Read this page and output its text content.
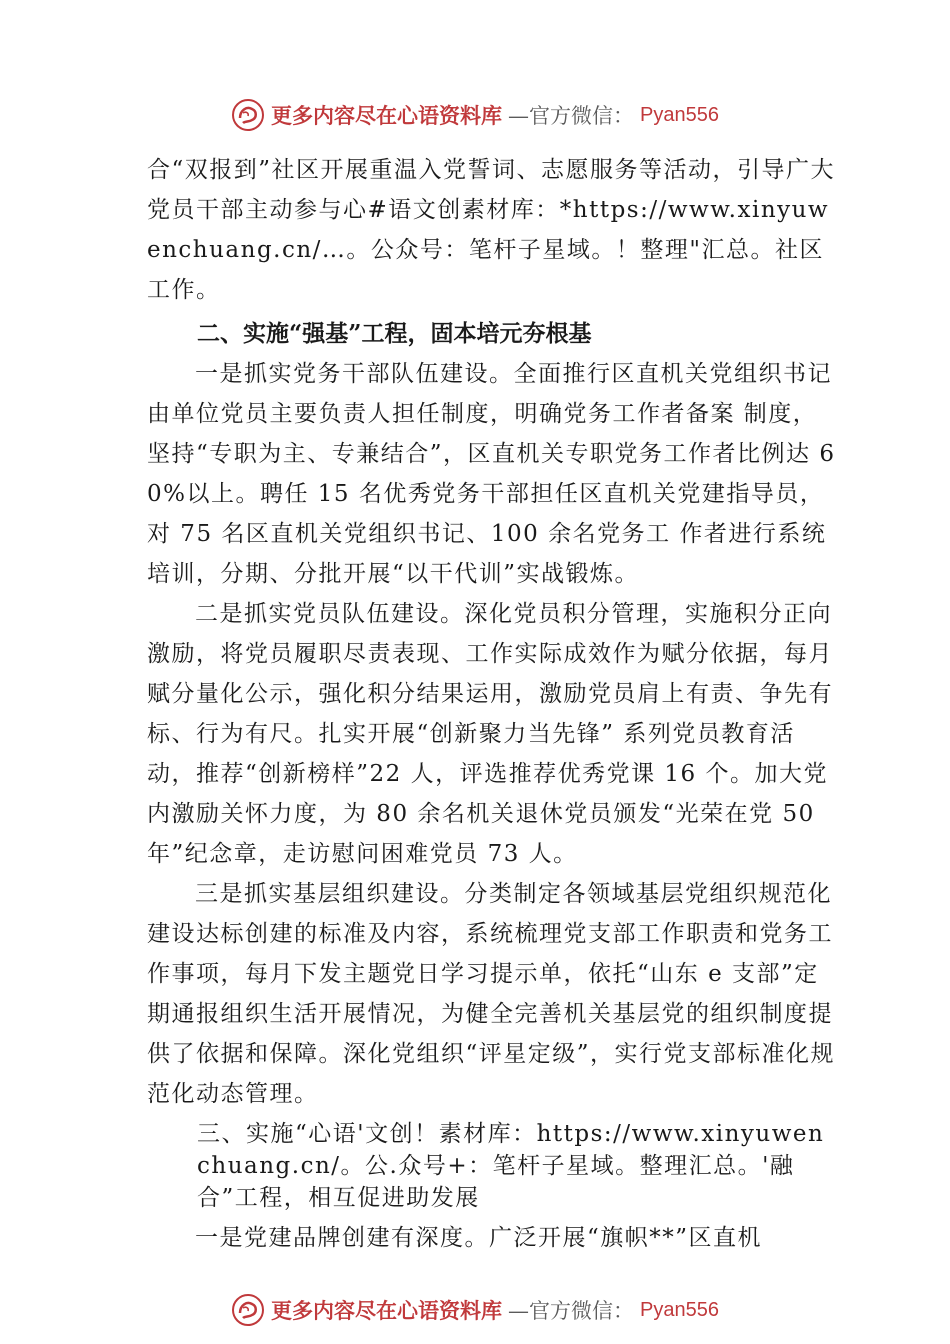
更多内容尽在心语资料库 —官方微信： Pyan556

合“双报到”社区开展重温入党誓词、志愿服务等活动，引导广大党员干部主动参与心#语文创素材库：*https://www.xinyuwenchuang.cn/…。公众号：笔杆子星域。！整理"汇总。社区工作。

二、实施“强基”工程，固本培元夯根基

一是抓实党务干部队伍建设。全面推行区直机关党组织书记由单位党员主要负责人担任制度，明确党务工作者备案 制度，坚持“专职为主、专兼结合”，区直机关专职党务工作者比例达 60%以上。聘任 15 名优秀党务干部担任区直机关党建指导员，对 75 名区直机关党组织书记、100 余名党务工 作者进行系统培训，分期、分批开展“以干代训”实战锻炼。

二是抓实党员队伍建设。深化党员积分管理，实施积分正向激励，将党员履职尽责表现、工作实际成效作为赋分依据，每月赋分量化公示，强化积分结果运用，激励党员肩上有责、争先有标、行为有尺。扎实开展“创新聚力当先锋” 系列党员教育活动，推荐“创新榜样”22 人，评选推荐优秀党课 16 个。加大党内激励关怀力度，为 80 余名机关退休党员颁发“光荣在党 50 年”纪念章，走访慰问困难党员 73 人。

三是抓实基层组织建设。分类制定各领域基层党组织规范化建设达标创建的标准及内容，系统梳理党支部工作职责和党务工作事项，每月下发主题党日学习提示单，依托“山东 e 支部”定期通报组织生活开展情况，为健全完善机关基层党的组织制度提供了依据和保障。深化党组织“评星定级”，实行党支部标准化规范化动态管理。

三、实施“心语'文创！素材库：https://www.xinyuwenchuang.cn/。公.众号+：笔杆子星域。整理汇总。'融合”工程，相互促进助发展

一是党建品牌创建有深度。广泛开展“旗帜**”区直机

更多内容尽在心语资料库 —官方微信： Pyan556
